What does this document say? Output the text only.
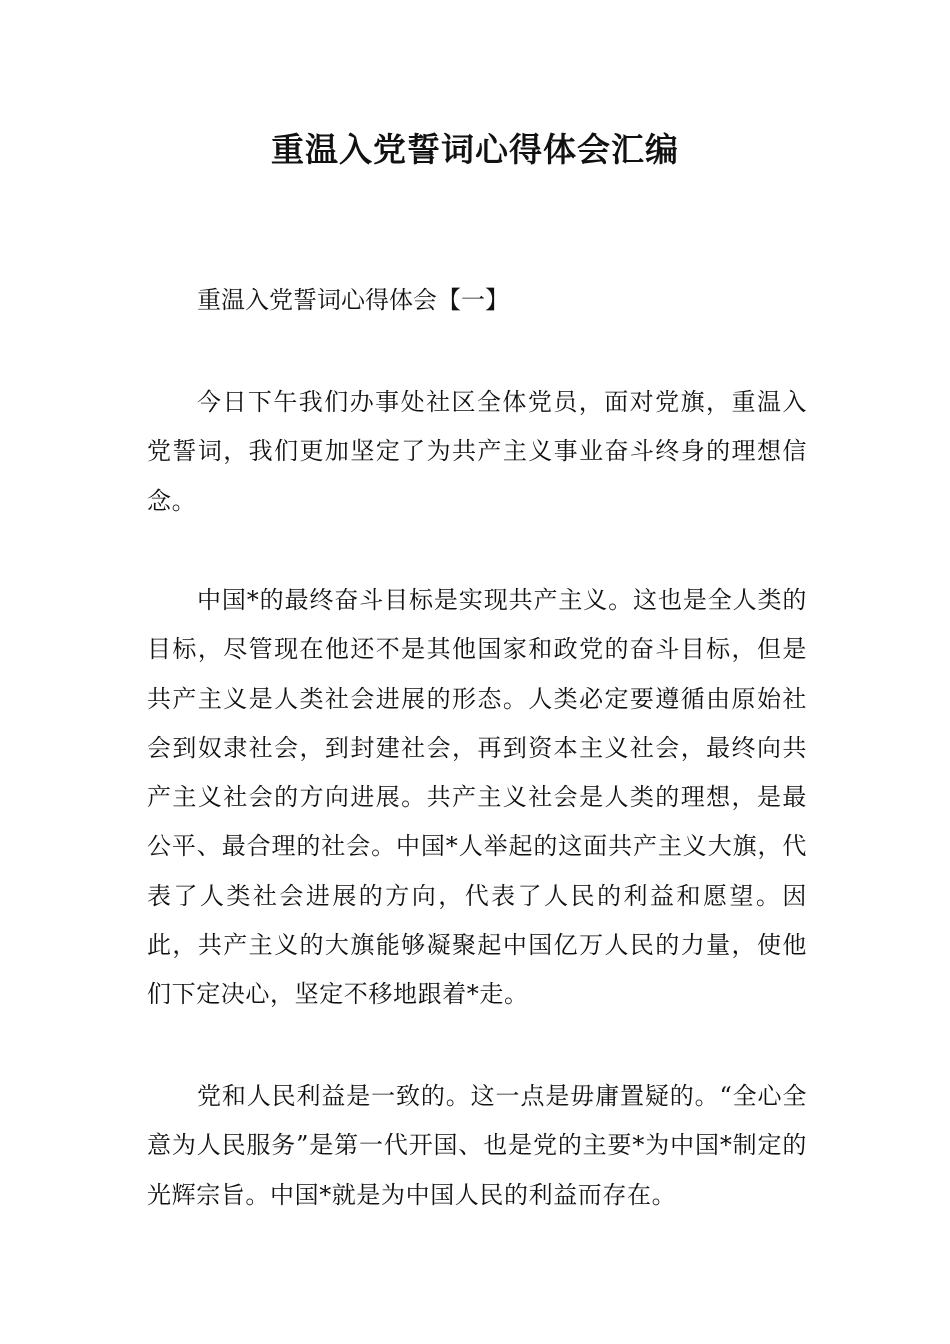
重温入党誓词心得体会汇编

重温入党誓词心得体会【一】

今日下午我们办事处社区全体党员，面对党旗，重温入党誓词，我们更加坚定了为共产主义事业奋斗终身的理想信念。

中国*的最终奋斗目标是实现共产主义。这也是全人类的目标，尽管现在他还不是其他国家和政党的奋斗目标，但是共产主义是人类社会进展的形态。人类必定要遵循由原始社会到奴隶社会，到封建社会，再到资本主义社会，最终向共产主义社会的方向进展。共产主义社会是人类的理想，是最公平、最合理的社会。中国*人举起的这面共产主义大旗，代表了人类社会进展的方向，代表了人民的利益和愿望。因此，共产主义的大旗能够凝聚起中国亿万人民的力量，使他们下定决心，坚定不移地跟着*走。

党和人民利益是一致的。这一点是毋庸置疑的。“全心全意为人民服务”是第一代开国、也是党的主要*为中国*制定的光辉宗旨。中国*就是为中国人民的利益而存在。
